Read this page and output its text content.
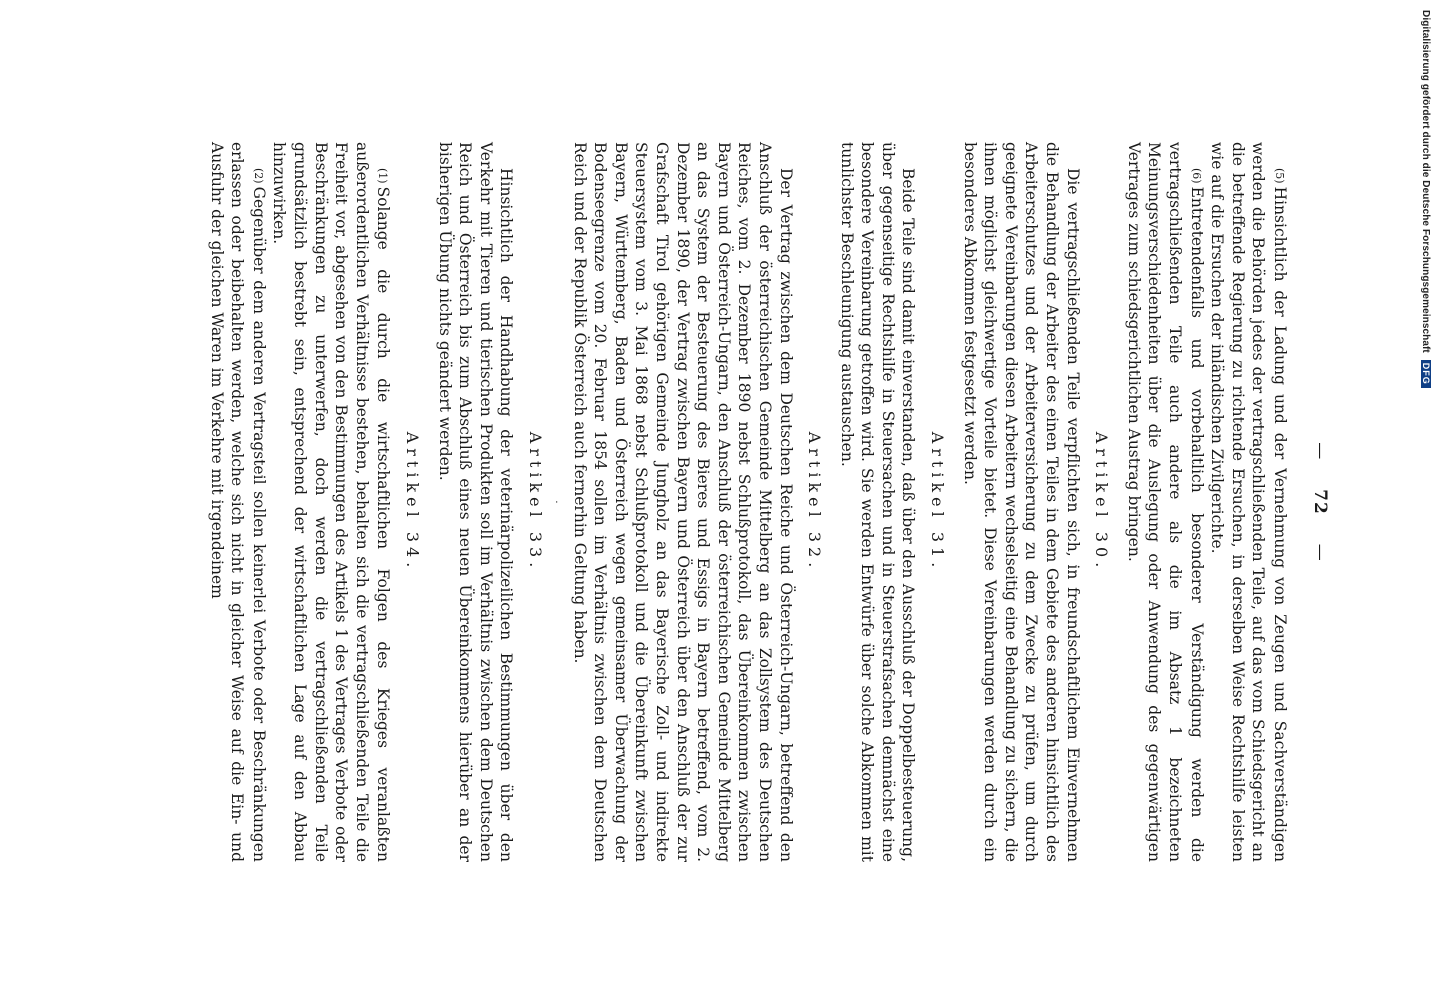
— 72 —

(5)Hinsichtlich der Ladung und der Vernehmung von Zeugen und Sachverständigen werden die Behörden jedes der vertragschließenden Teile, auf das vom Schiedsgericht an die betreffende Regierung zu richtende Ersuchen, in derselben Weise Rechtshilfe leisten wie auf die Ersuchen der inländischen Zivilgerichte.

(6)Entretendenfalls und vorbehaltlich besonderer Verständigung werden die vertragschließenden Teile auch andere als die im Absatz 1 bezeichneten Meinungsverschiedenheiten über die Auslegung oder Anwendung des gegenwärtigen Vertrages zum schiedsgerichtlichen Austrag bringen.

Artikel 30.

Die vertragschließenden Teile verpflichten sich, in freundschaftlichem Einvernehmen die Behandlung der Arbeiter des einen Teiles in dem Gebiete des anderen hinsichtlich des Arbeiterschutzes und der Arbeiterversicherung zu dem Zwecke zu prüfen, um durch geeignete Vereinbarungen diesen Arbeitern wechselseitig eine Behandlung zu sichern, die ihnen möglichst gleichwertige Vorteile bietet. Diese Vereinbarungen werden durch ein besonderes Abkommen festgesetzt werden.

Artikel 31.

Beide Teile sind damit einverstanden, daß über den Ausschluß der Doppelbesteuerung, über gegenseitige Rechtshilfe in Steuersachen und in Steuerstrafsachen demnächst eine besondere Vereinbarung getroffen wird. Sie werden Entwürfe über solche Abkommen mit tunlichster Beschleunigung austauschen.

Artikel 32.

Der Vertrag zwischen dem Deutschen Reiche und Österreich-Ungarn, betreffend den Anschluß der österreichischen Gemeinde Mittelberg an das Zollsystem des Deutschen Reiches, vom 2. Dezember 1890 nebst Schlußprotokoll, das Übereinkommen zwischen Bayern und Österreich-Ungarn, den Anschluß der österreichischen Gemeinde Mittelberg an das System der Besteuerung des Bieres und Essigs in Bayern betreffend, vom 2. Dezember 1890, der Vertrag zwischen Bayern und Österreich über den Anschluß der zur Grafschaft Tirol gehörigen Gemeinde Jungholz an das Bayerische Zoll- und indirekte Steuersystem vom 3. Mai 1868 nebst Schlußprotokoll und die Übereinkunft zwischen Bayern, Württemberg, Baden und Österreich wegen gemeinsamer Überwachung der Bodenseegrenze vom 20. Februar 1854 sollen im Verhältnis zwischen dem Deutschen Reich und der Republik Österreich auch fernerhin Geltung haben.

·
Artikel 33.

Hinsichtlich der Handhabung der veterinärpolizeilichen Bestimmungen über den Verkehr mit Tieren und tierischen Produkten soll im Verhältnis zwischen dem Deutschen Reich und Österreich bis zum Abschluß eines neuen Übereinkommens hierüber an der bisherigen Übung nichts geändert werden.

Artikel 34.

(1)Solange die durch die wirtschaftlichen Folgen des Krieges veranlaßten außerordentlichen Verhältnisse bestehen, behalten sich die vertragschließenden Teile die Freiheit vor, abgesehen von den Bestimmungen des Artikels 1 des Vertrages Verbote oder Beschränkungen zu unterwerfen, doch werden die vertragschließenden Teile grundsätzlich bestrebt sein, entsprechend der wirtschaftlichen Lage auf den Abbau hinzuwirken.

(2)Gegenüber dem anderen Vertragsteil sollen keinerlei Verbote oder Beschränkungen erlassen oder beibehalten werden, welche sich nicht in gleicher Weise auf die Ein- und Ausfuhr der gleichen Waren im Verkehre mit irgendeinem	Digitalisierung gefördert durch die Deutsche Forschungsgemeinschaft DFG
